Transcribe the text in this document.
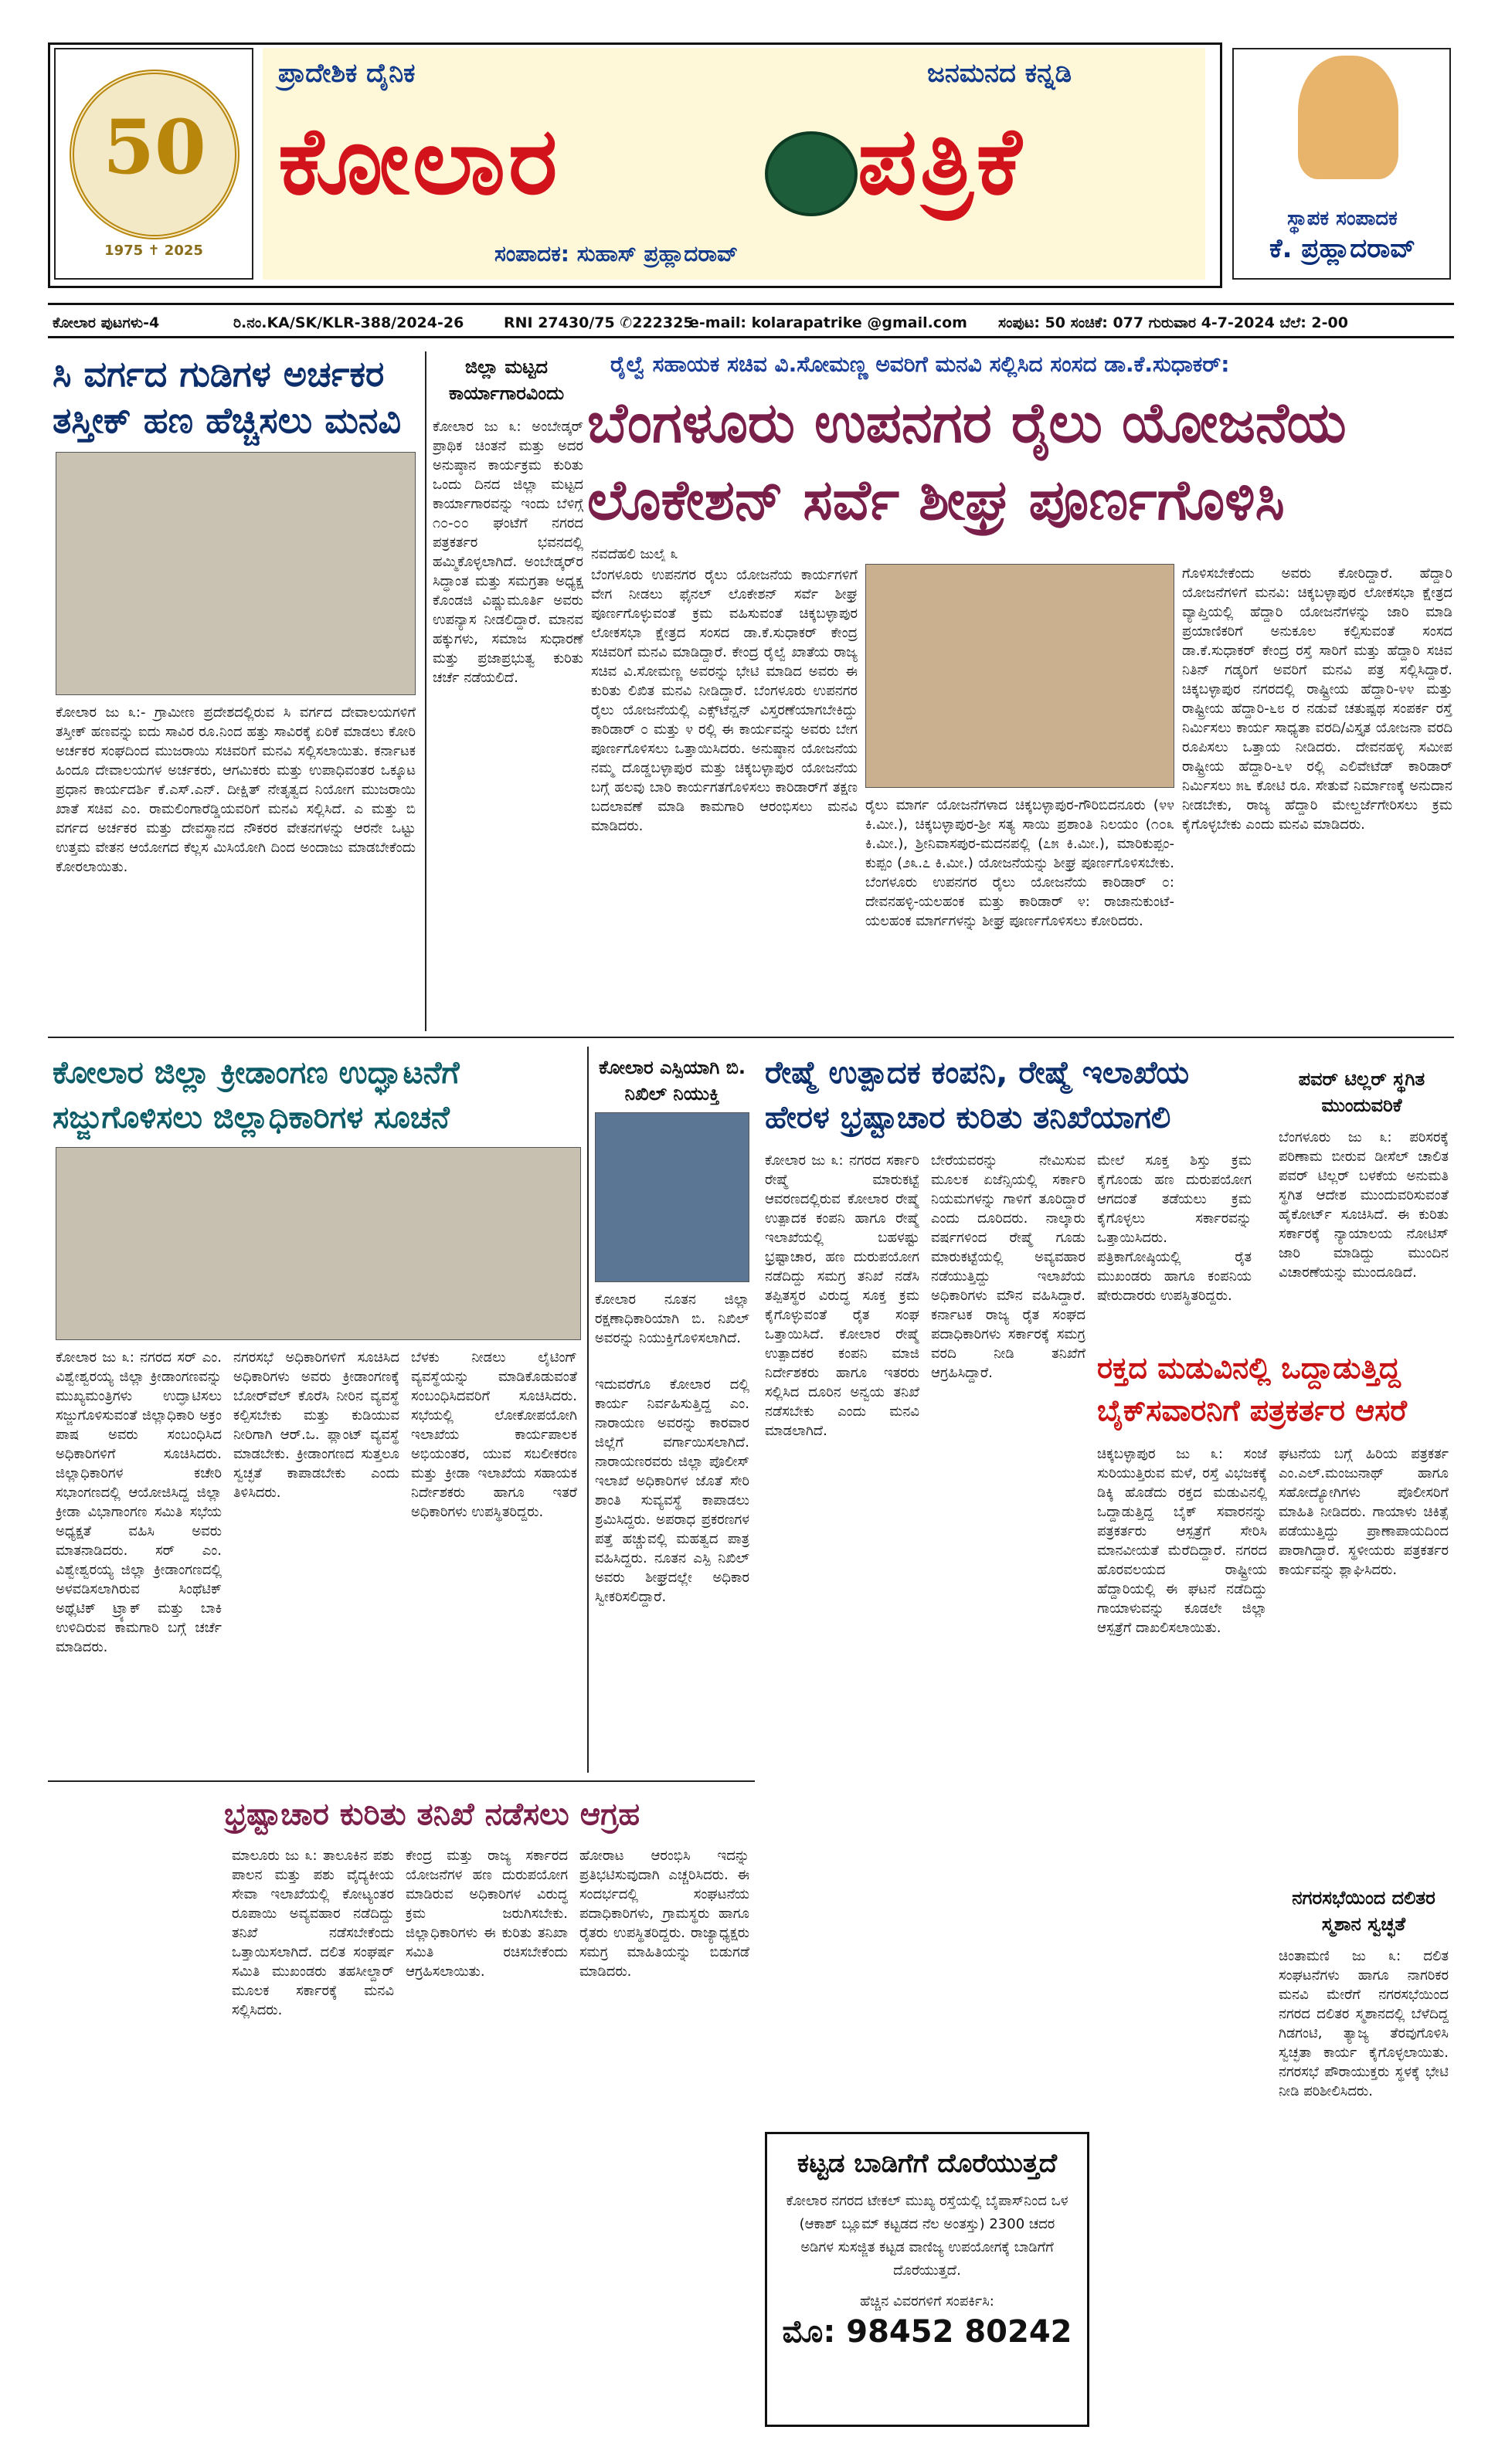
50
1975 ✝ 2025
ಪ್ರಾದೇಶಿಕ ದೈನಿಕ	ಜನಮನದ ಕನ್ನಡಿ
ಕೋಲಾರ	ಪತ್ರಿಕೆ
ಸಂಪಾದಕ: ಸುಹಾಸ್ ಪ್ರಹ್ಲಾದರಾವ್
ಸ್ಥಾಪಕ ಸಂಪಾದಕ
ಕೆ. ಪ್ರಹ್ಲಾದರಾವ್
ಕೋಲಾರ ಪುಟಗಳು-4	ರಿ.ನಂ.KA/SK/KLR-388/2024-26	RNI 27430/75 ✆222325
e-mail: kolarapatrike @gmail.com ಸಂಪುಟ: 50 ಸಂಚಿಕೆ: 077 ಗುರುವಾರ 4-7-2024 ಬೆಲೆ: 2-00
ಸಿ ವರ್ಗದ ಗುಡಿಗಳ ಅರ್ಚಕರ
ತಸ್ತೀಕ್ ಹಣ ಹೆಚ್ಚಿಸಲು ಮನವಿ
ಕೋಲಾರ ಜು ೩:- ಗ್ರಾಮೀಣ ಪ್ರದೇಶದಲ್ಲಿರುವ ಸಿ ವರ್ಗದ ದೇವಾಲಯಗಳಿಗೆ ತಸ್ತೀಕ್ ಹಣವನ್ನು ಐದು ಸಾವಿರ ರೂ.ನಿಂದ ಹತ್ತು ಸಾವಿರಕ್ಕೆ ಏರಿಕೆ ಮಾಡಲು ಕೋರಿ ಅರ್ಚಕರ ಸಂಘದಿಂದ ಮುಜರಾಯಿ ಸಚಿವರಿಗೆ ಮನವಿ ಸಲ್ಲಿಸಲಾಯಿತು. ಕರ್ನಾಟಕ ಹಿಂದೂ ದೇವಾಲಯಗಳ ಅರ್ಚಕರು, ಆಗಮಿಕರು ಮತ್ತು ಉಪಾಧಿವಂತರ ಒಕ್ಕೂಟ ಪ್ರಧಾನ ಕಾರ್ಯದರ್ಶಿ ಕೆ.ಎಸ್.ಎನ್. ದೀಕ್ಷಿತ್ ನೇತೃತ್ವದ ನಿಯೋಗ ಮುಜರಾಯಿ ಖಾತೆ ಸಚಿವ ಎಂ. ರಾಮಲಿಂಗಾರೆಡ್ಡಿಯವರಿಗೆ ಮನವಿ ಸಲ್ಲಿಸಿದೆ. ಎ ಮತ್ತು ಬಿ ವರ್ಗದ ಅರ್ಚಕರ ಮತ್ತು ದೇವಸ್ಥಾನದ ನೌಕರರ ವೇತನಗಳನ್ನು ಆರನೇ ಒಟ್ಟು ಉತ್ತಮ ವೇತನ ಆಯೋಗದ ಕೆಲ್ಲಸ ಮಿಸಿಯೋಗಿ ದಿಂದ ಅಂದಾಜು ಮಾಡಬೇಕೆಂದು ಕೋರಲಾಯಿತು.
ಜಿಲ್ಲಾ ಮಟ್ಟದ ಕಾರ್ಯಾಗಾರವಿಂದು
ಕೋಲಾರ ಜು ೩: ಅಂಬೇಡ್ಕರ್ ಪ್ರಾಥಿಕ ಚಿಂತನೆ ಮತ್ತು ಅದರ ಅನುಷ್ಠಾನ ಕಾರ್ಯಕ್ರಮ ಕುರಿತು ಒಂದು ದಿನದ ಜಿಲ್ಲಾ ಮಟ್ಟದ ಕಾರ್ಯಾಗಾರವನ್ನು ಇಂದು ಬೆಳಿಗ್ಗೆ ೧೦-೦೦ ಘಂಟೆಗೆ ನಗರದ ಪತ್ರಕರ್ತರ ಭವನದಲ್ಲಿ ಹಮ್ಮಿಕೊಳ್ಳಲಾಗಿದೆ. ಅಂಬೇಡ್ಕರ್‌ರ ಸಿದ್ಧಾಂತ ಮತ್ತು ಸಮಗ್ರತಾ ಅಧ್ಯಕ್ಷ ಕೊಂಡಜಿ ವಿಷ್ಣುಮೂರ್ತಿ ಅವರು ಉಪನ್ಯಾಸ ನೀಡಲಿದ್ದಾರೆ. ಮಾನವ ಹಕ್ಕುಗಳು, ಸಮಾಜ ಸುಧಾರಣೆ ಮತ್ತು ಪ್ರಜಾಪ್ರಭುತ್ವ ಕುರಿತು ಚರ್ಚೆ ನಡೆಯಲಿದೆ.
ರೈಲ್ವೆ ಸಹಾಯಕ ಸಚಿವ ವಿ.ಸೋಮಣ್ಣ ಅವರಿಗೆ ಮನವಿ ಸಲ್ಲಿಸಿದ ಸಂಸದ ಡಾ.ಕೆ.ಸುಧಾಕರ್:
ಬೆಂಗಳೂರು ಉಪನಗರ ರೈಲು ಯೋಜನೆಯ
ಲೊಕೇಶನ್ ಸರ್ವೆ ಶೀಘ್ರ ಪೂರ್ಣಗೊಳಿಸಿ
ನವದೆಹಲಿ ಜುಲೈ ೩
ಬೆಂಗಳೂರು ಉಪನಗರ ರೈಲು ಯೋಜನೆಯ ಕಾರ್ಯಗಳಿಗೆ ವೇಗ ನೀಡಲು ಫೈನಲ್ ಲೊಕೇಶನ್ ಸರ್ವೆ ಶೀಘ್ರ ಪೂರ್ಣಗೊಳ್ಳುವಂತೆ ಕ್ರಮ ವಹಿಸುವಂತೆ ಚಿಕ್ಕಬಳ್ಳಾಪುರ ಲೋಕಸಭಾ ಕ್ಷೇತ್ರದ ಸಂಸದ ಡಾ.ಕೆ.ಸುಧಾಕರ್ ಕೇಂದ್ರ ಸಚಿವರಿಗೆ ಮನವಿ ಮಾಡಿದ್ದಾರೆ. ಕೇಂದ್ರ ರೈಲ್ವೆ ಖಾತೆಯ ರಾಜ್ಯ ಸಚಿವ ವಿ.ಸೋಮಣ್ಣ ಅವರನ್ನು ಭೇಟಿ ಮಾಡಿದ ಅವರು ಈ ಕುರಿತು ಲಿಖಿತ ಮನವಿ ನೀಡಿದ್ದಾರೆ. ಬೆಂಗಳೂರು ಉಪನಗರ ರೈಲು ಯೋಜನೆಯಲ್ಲಿ ಎಕ್ಸ್‌ಟೆನ್ಷನ್ ವಿಸ್ತರಣೆಯಾಗಬೇಕಿದ್ದು ಕಾರಿಡಾರ್ ೦ ಮತ್ತು ೪ ರಲ್ಲಿ ಈ ಕಾರ್ಯವನ್ನು ಅವರು ಬೇಗ ಪೂರ್ಣಗೊಳಿಸಲು ಒತ್ತಾಯಿಸಿದರು. ಅನುಷ್ಠಾನ ಯೋಜನೆಯ ನಮ್ಮ ದೊಡ್ಡಬಳ್ಳಾಪುರ ಮತ್ತು ಚಿಕ್ಕಬಳ್ಳಾಪುರ ಯೋಜನೆಯ ಬಗ್ಗೆ ಹಲವು ಬಾರಿ ಕಾರ್ಯಗತಗೊಳಿಸಲು ಕಾರಿಡಾರ್‌ಗೆ ತಕ್ಷಣ ಬದಲಾವಣೆ ಮಾಡಿ ಕಾಮಗಾರಿ ಆರಂಭಿಸಲು ಮನವಿ ಮಾಡಿದರು.
ರೈಲು ಮಾರ್ಗ ಯೋಜನೆಗಳಾದ ಚಿಕ್ಕಬಳ್ಳಾಪುರ-ಗೌರಿಬಿದನೂರು (೪೪ ಕಿ.ಮೀ.), ಚಿಕ್ಕಬಳ್ಳಾಪುರ-ಶ್ರೀ ಸತ್ಯ ಸಾಯಿ ಪ್ರಶಾಂತಿ ನಿಲಯಂ (೧೦೩ ಕಿ.ಮೀ.), ಶ್ರೀನಿವಾಸಪುರ-ಮದನಪಲ್ಲಿ (೭೫ ಕಿ.ಮೀ.), ಮಾರಿಕುಪ್ಪಂ-ಕುಪ್ಪಂ (೨೩.೭ ಕಿ.ಮೀ.) ಯೋಜನೆಯನ್ನು ಶೀಘ್ರ ಪೂರ್ಣಗೊಳಿಸಬೇಕು. ಬೆಂಗಳೂರು ಉಪನಗರ ರೈಲು ಯೋಜನೆಯ ಕಾರಿಡಾರ್ ೦: ದೇವನಹಳ್ಳಿ-ಯಲಹಂಕ ಮತ್ತು ಕಾರಿಡಾರ್ ೪: ರಾಜಾನುಕುಂಟೆ-ಯಲಹಂಕ ಮಾರ್ಗಗಳನ್ನು ಶೀಘ್ರ ಪೂರ್ಣಗೊಳಿಸಲು ಕೋರಿದರು.
ಗೊಳಿಸಬೇಕೆಂದು ಅವರು ಕೋರಿದ್ದಾರೆ. ಹೆದ್ದಾರಿ ಯೋಜನೆಗಳಿಗೆ ಮನವಿ: ಚಿಕ್ಕಬಳ್ಳಾಪುರ ಲೋಕಸಭಾ ಕ್ಷೇತ್ರದ ವ್ಯಾಪ್ತಿಯಲ್ಲಿ ಹೆದ್ದಾರಿ ಯೋಜನೆಗಳನ್ನು ಜಾರಿ ಮಾಡಿ ಪ್ರಯಾಣಿಕರಿಗೆ ಅನುಕೂಲ ಕಲ್ಪಿಸುವಂತೆ ಸಂಸದ ಡಾ.ಕೆ.ಸುಧಾಕರ್ ಕೇಂದ್ರ ರಸ್ತೆ ಸಾರಿಗೆ ಮತ್ತು ಹೆದ್ದಾರಿ ಸಚಿವ ನಿತಿನ್ ಗಡ್ಕರಿಗೆ ಅವರಿಗೆ ಮನವಿ ಪತ್ರ ಸಲ್ಲಿಸಿದ್ದಾರೆ. ಚಿಕ್ಕಬಳ್ಳಾಪುರ ನಗರದಲ್ಲಿ ರಾಷ್ಟ್ರೀಯ ಹೆದ್ದಾರಿ-೪೪ ಮತ್ತು ರಾಷ್ಟ್ರೀಯ ಹೆದ್ದಾರಿ-೬೮ ರ ನಡುವೆ ಚತುಷ್ಪಥ ಸಂಪರ್ಕ ರಸ್ತೆ ನಿರ್ಮಿಸಲು ಕಾರ್ಯ ಸಾಧ್ಯತಾ ವರದಿ/ವಿಸ್ತೃತ ಯೋಜನಾ ವರದಿ ರೂಪಿಸಲು ಒತ್ತಾಯ ನೀಡಿದರು. ದೇವನಹಳ್ಳಿ ಸಮೀಪ ರಾಷ್ಟ್ರೀಯ ಹೆದ್ದಾರಿ-೬೪ ರಲ್ಲಿ ಎಲಿವೇಟೆಡ್ ಕಾರಿಡಾರ್ ನಿರ್ಮಿಸಲು ೫೬ ಕೋಟಿ ರೂ. ಸೇತುವೆ ನಿರ್ಮಾಣಕ್ಕೆ ಅನುದಾನ ನೀಡಬೇಕು, ರಾಜ್ಯ ಹೆದ್ದಾರಿ ಮೇಲ್ದರ್ಜೆಗೇರಿಸಲು ಕ್ರಮ ಕೈಗೊಳ್ಳಬೇಕು ಎಂದು ಮನವಿ ಮಾಡಿದರು.
ಕೋಲಾರ ಜಿಲ್ಲಾ ಕ್ರೀಡಾಂಗಣ ಉದ್ಘಾಟನೆಗೆ
ಸಜ್ಜುಗೊಳಿಸಲು ಜಿಲ್ಲಾಧಿಕಾರಿಗಳ ಸೂಚನೆ
ಕೋಲಾರ ಜು ೩: ನಗರದ ಸರ್ ಎಂ. ವಿಶ್ವೇಶ್ವರಯ್ಯ ಜಿಲ್ಲಾ ಕ್ರೀಡಾಂಗಣವನ್ನು ಮುಖ್ಯಮಂತ್ರಿಗಳು ಉದ್ಘಾಟಿಸಲು ಸಜ್ಜುಗೊಳಿಸುವಂತೆ ಜಿಲ್ಲಾಧಿಕಾರಿ ಅಕ್ರಂ ಪಾಷ ಅವರು ಸಂಬಂಧಿಸಿದ ಅಧಿಕಾರಿಗಳಿಗೆ ಸೂಚಿಸಿದರು. ಜಿಲ್ಲಾಧಿಕಾರಿಗಳ ಕಚೇರಿ ಸಭಾಂಗಣದಲ್ಲಿ ಆಯೋಜಿಸಿದ್ದ ಜಿಲ್ಲಾ ಕ್ರೀಡಾ ವಿಭಾಗಾಂಗಣ ಸಮಿತಿ ಸಭೆಯ ಅಧ್ಯಕ್ಷತೆ ವಹಿಸಿ ಅವರು ಮಾತನಾಡಿದರು. ಸರ್ ಎಂ. ವಿಶ್ವೇಶ್ವರಯ್ಯ ಜಿಲ್ಲಾ ಕ್ರೀಡಾಂಗಣದಲ್ಲಿ ಅಳವಡಿಸಲಾಗಿರುವ ಸಿಂಥೆಟಿಕ್ ಅಥ್ಲೆಟಿಕ್ ಟ್ರ್ಯಾಕ್ ಮತ್ತು ಬಾಕಿ ಉಳಿದಿರುವ ಕಾಮಗಾರಿ ಬಗ್ಗೆ ಚರ್ಚೆ ಮಾಡಿದರು.
ನಗರಸಭೆ ಅಧಿಕಾರಿಗಳಿಗೆ ಸೂಚಿಸಿದ ಅಧಿಕಾರಿಗಳು ಅವರು ಕ್ರೀಡಾಂಗಣಕ್ಕೆ ಬೋರ್‌ವೆಲ್ ಕೊರೆಸಿ ನೀರಿನ ವ್ಯವಸ್ಥೆ ಕಲ್ಪಿಸಬೇಕು ಮತ್ತು ಕುಡಿಯುವ ನೀರಿಗಾಗಿ ಆರ್.ಒ. ಪ್ಲಾಂಟ್ ವ್ಯವಸ್ಥೆ ಮಾಡಬೇಕು. ಕ್ರೀಡಾಂಗಣದ ಸುತ್ತಲೂ ಸ್ವಚ್ಛತೆ ಕಾಪಾಡಬೇಕು ಎಂದು ತಿಳಿಸಿದರು.
ಬೆಳಕು ನೀಡಲು ಲೈಟಿಂಗ್ ವ್ಯವಸ್ಥೆಯನ್ನು ಮಾಡಿಕೊಡುವಂತೆ ಸಂಬಂಧಿಸಿದವರಿಗೆ ಸೂಚಿಸಿದರು. ಸಭೆಯಲ್ಲಿ ಲೋಕೋಪಯೋಗಿ ಇಲಾಖೆಯ ಕಾರ್ಯಪಾಲಕ ಅಭಿಯಂತರ, ಯುವ ಸಬಲೀಕರಣ ಮತ್ತು ಕ್ರೀಡಾ ಇಲಾಖೆಯ ಸಹಾಯಕ ನಿರ್ದೇಶಕರು ಹಾಗೂ ಇತರೆ ಅಧಿಕಾರಿಗಳು ಉಪಸ್ಥಿತರಿದ್ದರು.
ಕೋಲಾರ ಎಸ್ಪಿಯಾಗಿ ಬಿ. ನಿಖಿಲ್ ನಿಯುಕ್ತಿ
ಕೋಲಾರ ನೂತನ ಜಿಲ್ಲಾ ರಕ್ಷಣಾಧಿಕಾರಿಯಾಗಿ ಬಿ. ನಿಖಿಲ್ ಅವರನ್ನು ನಿಯುಕ್ತಿಗೊಳಿಸಲಾಗಿದೆ.
ಇದುವರೆಗೂ ಕೋಲಾರ ದಲ್ಲಿ ಕಾರ್ಯ ನಿರ್ವಹಿಸುತ್ತಿದ್ದ ಎಂ. ನಾರಾಯಣ ಅವರನ್ನು ಕಾರವಾರ ಜಿಲ್ಲೆಗೆ ವರ್ಗಾಯಿಸಲಾಗಿದೆ. ನಾರಾಯಣರವರು ಜಿಲ್ಲಾ ಪೊಲೀಸ್ ಇಲಾಖೆ ಅಧಿಕಾರಿಗಳ ಜೊತೆ ಸೇರಿ ಶಾಂತಿ ಸುವ್ಯವಸ್ಥೆ ಕಾಪಾಡಲು ಶ್ರಮಿಸಿದ್ದರು. ಅಪರಾಧ ಪ್ರಕರಣಗಳ ಪತ್ತೆ ಹಚ್ಚುವಲ್ಲಿ ಮಹತ್ವದ ಪಾತ್ರ ವಹಿಸಿದ್ದರು. ನೂತನ ಎಸ್ಪಿ ನಿಖಿಲ್ ಅವರು ಶೀಘ್ರದಲ್ಲೇ ಅಧಿಕಾರ ಸ್ವೀಕರಿಸಲಿದ್ದಾರೆ.
ರೇಷ್ಮೆ ಉತ್ಪಾದಕ ಕಂಪನಿ, ರೇಷ್ಮೆ ಇಲಾಖೆಯ
ಹೇರಳ ಭ್ರಷ್ಟಾಚಾರ ಕುರಿತು ತನಿಖೆಯಾಗಲಿ
ಕೋಲಾರ ಜು ೩: ನಗರದ ಸರ್ಕಾರಿ ರೇಷ್ಮೆ ಮಾರುಕಟ್ಟೆ ಆವರಣದಲ್ಲಿರುವ ಕೋಲಾರ ರೇಷ್ಮೆ ಉತ್ಪಾದಕ ಕಂಪನಿ ಹಾಗೂ ರೇಷ್ಮೆ ಇಲಾಖೆಯಲ್ಲಿ ಬಹಳಷ್ಟು ಭ್ರಷ್ಟಾಚಾರ, ಹಣ ದುರುಪಯೋಗ ನಡೆದಿದ್ದು ಸಮಗ್ರ ತನಿಖೆ ನಡೆಸಿ ತಪ್ಪಿತಸ್ಥರ ವಿರುದ್ಧ ಸೂಕ್ತ ಕ್ರಮ ಕೈಗೊಳ್ಳುವಂತೆ ರೈತ ಸಂಘ ಒತ್ತಾಯಿಸಿದೆ. ಕೋಲಾರ ರೇಷ್ಮೆ ಉತ್ಪಾದಕರ ಕಂಪನಿ ಮಾಜಿ ನಿರ್ದೇಶಕರು ಹಾಗೂ ಇತರರು ಸಲ್ಲಿಸಿದ ದೂರಿನ ಅನ್ವಯ ತನಿಖೆ ನಡೆಸಬೇಕು ಎಂದು ಮನವಿ ಮಾಡಲಾಗಿದೆ.
ಬೇರೆಯವರನ್ನು ನೇಮಿಸುವ ಮೂಲಕ ಏಜೆನ್ಸಿಯಲ್ಲಿ ಸರ್ಕಾರಿ ನಿಯಮಗಳನ್ನು ಗಾಳಿಗೆ ತೂರಿದ್ದಾರೆ ಎಂದು ದೂರಿದರು. ನಾಲ್ಕಾರು ವರ್ಷಗಳಿಂದ ರೇಷ್ಮೆ ಗೂಡು ಮಾರುಕಟ್ಟೆಯಲ್ಲಿ ಅವ್ಯವಹಾರ ನಡೆಯುತ್ತಿದ್ದು ಇಲಾಖೆಯ ಅಧಿಕಾರಿಗಳು ಮೌನ ವಹಿಸಿದ್ದಾರೆ. ಕರ್ನಾಟಕ ರಾಜ್ಯ ರೈತ ಸಂಘದ ಪದಾಧಿಕಾರಿಗಳು ಸರ್ಕಾರಕ್ಕೆ ಸಮಗ್ರ ವರದಿ ನೀಡಿ ತನಿಖೆಗೆ ಆಗ್ರಹಿಸಿದ್ದಾರೆ.
ಮೇಲೆ ಸೂಕ್ತ ಶಿಸ್ತು ಕ್ರಮ ಕೈಗೊಂಡು ಹಣ ದುರುಪಯೋಗ ಆಗದಂತೆ ತಡೆಯಲು ಕ್ರಮ ಕೈಗೊಳ್ಳಲು ಸರ್ಕಾರವನ್ನು ಒತ್ತಾಯಿಸಿದರು. ಪತ್ರಿಕಾಗೋಷ್ಠಿಯಲ್ಲಿ ರೈತ ಮುಖಂಡರು ಹಾಗೂ ಕಂಪನಿಯ ಷೇರುದಾರರು ಉಪಸ್ಥಿತರಿದ್ದರು.
ಪವರ್ ಟಿಲ್ಲರ್ ಸ್ಥಗಿತ ಮುಂದುವರಿಕೆ
ಬೆಂಗಳೂರು ಜು ೩: ಪರಿಸರಕ್ಕೆ ಪರಿಣಾಮ ಬೀರುವ ಡೀಸೆಲ್ ಚಾಲಿತ ಪವರ್ ಟಿಲ್ಲರ್ ಬಳಕೆಯ ಅನುಮತಿ ಸ್ಥಗಿತ ಆದೇಶ ಮುಂದುವರಿಸುವಂತೆ ಹೈಕೋರ್ಟ್ ಸೂಚಿಸಿದೆ. ಈ ಕುರಿತು ಸರ್ಕಾರಕ್ಕೆ ನ್ಯಾಯಾಲಯ ನೋಟಿಸ್ ಜಾರಿ ಮಾಡಿದ್ದು ಮುಂದಿನ ವಿಚಾರಣೆಯನ್ನು ಮುಂದೂಡಿದೆ.
ರಕ್ತದ ಮಡುವಿನಲ್ಲಿ ಒದ್ದಾಡುತ್ತಿದ್ದ
ಬೈಕ್‌ಸವಾರನಿಗೆ ಪತ್ರಕರ್ತರ ಆಸರೆ
ಚಿಕ್ಕಬಳ್ಳಾಪುರ ಜು ೩: ಸಂಜೆ ಸುರಿಯುತ್ತಿರುವ ಮಳೆ, ರಸ್ತೆ ವಿಭಜಕಕ್ಕೆ ಡಿಕ್ಕಿ ಹೊಡೆದು ರಕ್ತದ ಮಡುವಿನಲ್ಲಿ ಒದ್ದಾಡುತ್ತಿದ್ದ ಬೈಕ್ ಸವಾರನನ್ನು ಪತ್ರಕರ್ತರು ಆಸ್ಪತ್ರೆಗೆ ಸೇರಿಸಿ ಮಾನವೀಯತೆ ಮೆರೆದಿದ್ದಾರೆ. ನಗರದ ಹೊರವಲಯದ ರಾಷ್ಟ್ರೀಯ ಹೆದ್ದಾರಿಯಲ್ಲಿ ಈ ಘಟನೆ ನಡೆದಿದ್ದು ಗಾಯಾಳುವನ್ನು ಕೂಡಲೇ ಜಿಲ್ಲಾ ಆಸ್ಪತ್ರೆಗೆ ದಾಖಲಿಸಲಾಯಿತು.
ಘಟನೆಯ ಬಗ್ಗೆ ಹಿರಿಯ ಪತ್ರಕರ್ತ ಎಂ.ಎಲ್.ಮಂಜುನಾಥ್ ಹಾಗೂ ಸಹೋದ್ಯೋಗಿಗಳು ಪೊಲೀಸರಿಗೆ ಮಾಹಿತಿ ನೀಡಿದರು. ಗಾಯಾಳು ಚಿಕಿತ್ಸೆ ಪಡೆಯುತ್ತಿದ್ದು ಪ್ರಾಣಾಪಾಯದಿಂದ ಪಾರಾಗಿದ್ದಾರೆ. ಸ್ಥಳೀಯರು ಪತ್ರಕರ್ತರ ಕಾರ್ಯವನ್ನು ಶ್ಲಾಘಿಸಿದರು.
ನಗರಸಭೆಯಿಂದ ದಲಿತರ ಸ್ಮಶಾನ ಸ್ವಚ್ಛತೆ
ಚಿಂತಾಮಣಿ ಜು ೩: ದಲಿತ ಸಂಘಟನೆಗಳು ಹಾಗೂ ನಾಗರಿಕರ ಮನವಿ ಮೇರೆಗೆ ನಗರಸಭೆಯಿಂದ ನಗರದ ದಲಿತರ ಸ್ಮಶಾನದಲ್ಲಿ ಬೆಳೆದಿದ್ದ ಗಿಡಗಂಟಿ, ತ್ಯಾಜ್ಯ ತೆರವುಗೊಳಿಸಿ ಸ್ವಚ್ಛತಾ ಕಾರ್ಯ ಕೈಗೊಳ್ಳಲಾಯಿತು. ನಗರಸಭೆ ಪೌರಾಯುಕ್ತರು ಸ್ಥಳಕ್ಕೆ ಭೇಟಿ ನೀಡಿ ಪರಿಶೀಲಿಸಿದರು.
ಭ್ರಷ್ಟಾಚಾರ ಕುರಿತು ತನಿಖೆ ನಡೆಸಲು ಆಗ್ರಹ
ಮಾಲೂರು ಜು ೩: ತಾಲೂಕಿನ ಪಶು ಪಾಲನ ಮತ್ತು ಪಶು ವೈದ್ಯಕೀಯ ಸೇವಾ ಇಲಾಖೆಯಲ್ಲಿ ಕೋಟ್ಯಂತರ ರೂಪಾಯಿ ಅವ್ಯವಹಾರ ನಡೆದಿದ್ದು ತನಿಖೆ ನಡೆಸಬೇಕೆಂದು ಒತ್ತಾಯಿಸಲಾಗಿದೆ. ದಲಿತ ಸಂಘರ್ಷ ಸಮಿತಿ ಮುಖಂಡರು ತಹಸೀಲ್ದಾರ್ ಮೂಲಕ ಸರ್ಕಾರಕ್ಕೆ ಮನವಿ ಸಲ್ಲಿಸಿದರು.
ಕೇಂದ್ರ ಮತ್ತು ರಾಜ್ಯ ಸರ್ಕಾರದ ಯೋಜನೆಗಳ ಹಣ ದುರುಪಯೋಗ ಮಾಡಿರುವ ಅಧಿಕಾರಿಗಳ ವಿರುದ್ಧ ಕ್ರಮ ಜರುಗಿಸಬೇಕು. ಜಿಲ್ಲಾಧಿಕಾರಿಗಳು ಈ ಕುರಿತು ತನಿಖಾ ಸಮಿತಿ ರಚಿಸಬೇಕೆಂದು ಆಗ್ರಹಿಸಲಾಯಿತು.
ಹೋರಾಟ ಆರಂಭಿಸಿ ಇದನ್ನು ಪ್ರತಿಭಟಿಸುವುದಾಗಿ ಎಚ್ಚರಿಸಿದರು. ಈ ಸಂದರ್ಭದಲ್ಲಿ ಸಂಘಟನೆಯ ಪದಾಧಿಕಾರಿಗಳು, ಗ್ರಾಮಸ್ಥರು ಹಾಗೂ ರೈತರು ಉಪಸ್ಥಿತರಿದ್ದರು. ರಾಜ್ಯಾಧ್ಯಕ್ಷರು ಸಮಗ್ರ ಮಾಹಿತಿಯನ್ನು ಬಿಡುಗಡೆ ಮಾಡಿದರು.
ಕಟ್ಟಡ ಬಾಡಿಗೆಗೆ ದೊರೆಯುತ್ತದೆ
ಕೋಲಾರ ನಗರದ ಟೇಕಲ್ ಮುಖ್ಯ ರಸ್ತೆಯಲ್ಲಿ ಬೈಪಾಸ್‌ನಿಂದ ಒಳ (ಆಕಾಶ್ ಬ್ಲೂಮ್ ಕಟ್ಟಡದ ನೆಲ ಅಂತಸ್ತು) 2300 ಚದರ ಅಡಿಗಳ ಸುಸಜ್ಜಿತ ಕಟ್ಟಡ ವಾಣಿಜ್ಯ ಉಪಯೋಗಕ್ಕೆ ಬಾಡಿಗೆಗೆ ದೊರೆಯುತ್ತದೆ.
ಹೆಚ್ಚಿನ ವಿವರಗಳಿಗೆ ಸಂಪರ್ಕಿಸಿ:
ಮೊ: 98452 80242
